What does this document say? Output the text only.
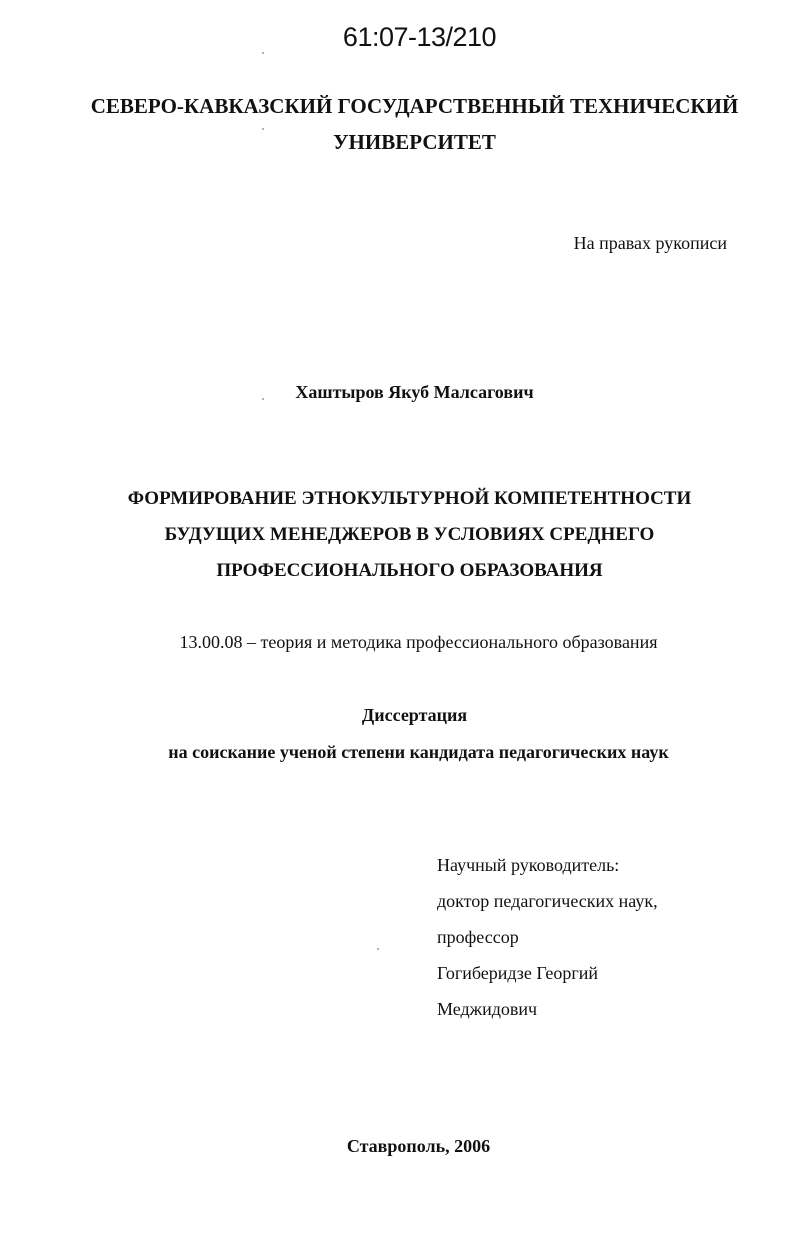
61:07-13/210
СЕВЕРО-КАВКАЗСКИЙ ГОСУДАРСТВЕННЫЙ ТЕХНИЧЕСКИЙ
УНИВЕРСИТЕТ
На правах рукописи
Хаштыров Якуб Малсагович
ФОРМИРОВАНИЕ ЭТНОКУЛЬТУРНОЙ КОМПЕТЕНТНОСТИ
БУДУЩИХ МЕНЕДЖЕРОВ В УСЛОВИЯХ СРЕДНЕГО
ПРОФЕССИОНАЛЬНОГО ОБРАЗОВАНИЯ
13.00.08 – теория и методика профессионального образования
Диссертация
на соискание ученой степени кандидата педагогических наук
Научный руководитель:
доктор педагогических наук,
профессор
Гогиберидзе Георгий
Меджидович
Ставрополь, 2006
